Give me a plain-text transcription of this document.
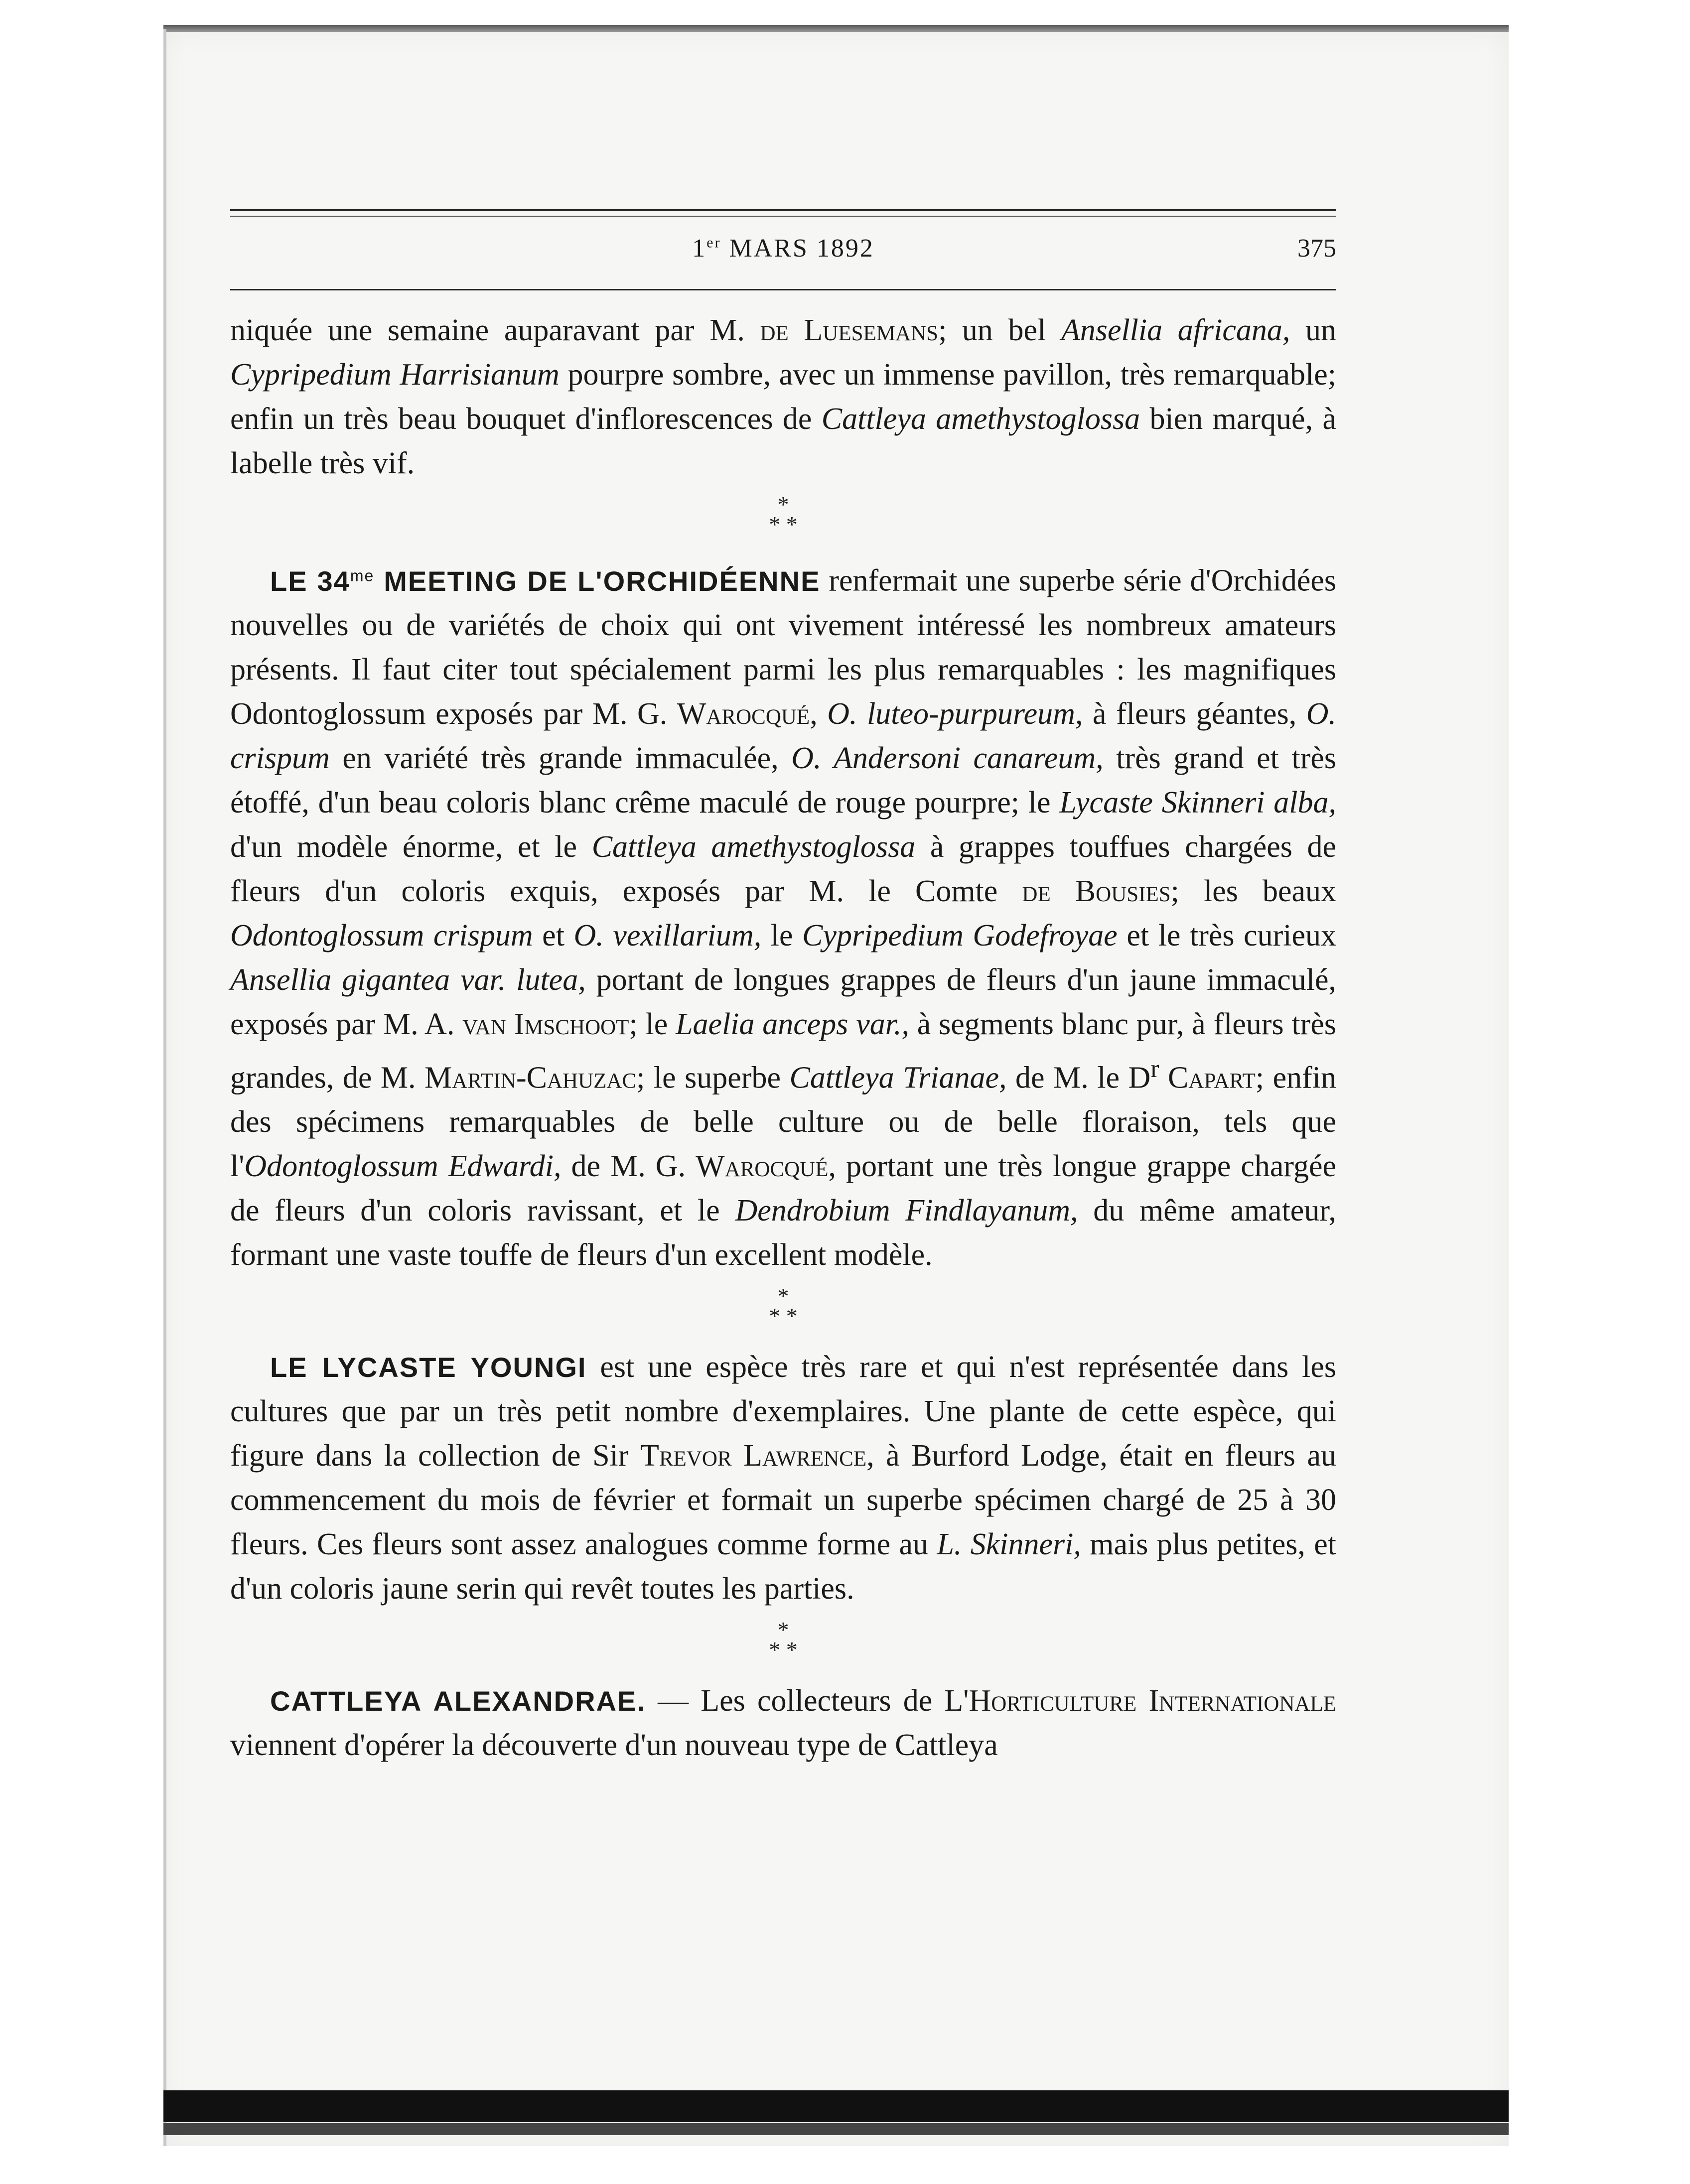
1er MARS 1892	375

niquée une semaine auparavant par M. de Luesemans; un bel Ansellia africana, un Cypripedium Harrisianum pourpre sombre, avec un immense pavillon, très remarquable; enfin un très beau bouquet d'inflorescences de Cattleya amethystoglossa bien marqué, à labelle très vif.

*
* *

LE $34^{me}$ MEETING DE L'ORCHIDÉENNE renfermait une superbe série d'Orchidées nouvelles ou de variétés de choix qui ont vivement intéressé les nombreux amateurs présents. Il faut citer tout spécialement parmi les plus remarquables : les magnifiques Odontoglossum exposés par M. G. Warocqué, O. luteo-purpureum, à fleurs géantes, O. crispum en variété très grande immaculée, O. Andersoni canareum, très grand et très étoffé, d'un beau coloris blanc crême maculé de rouge pourpre; le Lycaste Skinneri alba, d'un modèle énorme, et le Cattleya amethystoglossa à grappes touffues chargées de fleurs d'un coloris exquis, exposés par M. le Comte de Bousies; les beaux Odontoglossum crispum et O. vexillarium, le Cypripedium Godefroyae et le très curieux Ansellia gigantea var. lutea, portant de longues grappes de fleurs d'un jaune immaculé, exposés par M. A. van Imschoot; le Laelia anceps var., à segments blanc pur, à fleurs très grandes, de M. Martin-Cahuzac; le superbe Cattleya Trianae, de M. le $D^r$ Capart; enfin des spécimens remarquables de belle culture ou de belle floraison, tels que l'Odontoglossum Edwardi, de M. G. Warocqué, portant une très longue grappe chargée de fleurs d'un coloris ravissant, et le Dendrobium Findlayanum, du même amateur, formant une vaste touffe de fleurs d'un excellent modèle.

*
* *

LE LYCASTE YOUNGI est une espèce très rare et qui n'est représentée dans les cultures que par un très petit nombre d'exemplaires. Une plante de cette espèce, qui figure dans la collection de Sir Trevor Lawrence, à Burford Lodge, était en fleurs au commencement du mois de février et formait un superbe spécimen chargé de 25 à 30 fleurs. Ces fleurs sont assez analogues comme forme au L. Skinneri, mais plus petites, et d'un coloris jaune serin qui revêt toutes les parties.

*
* *

CATTLEYA ALEXANDRAE. — Les collecteurs de L'Horticulture Internationale viennent d'opérer la découverte d'un nouveau type de Cattleya
